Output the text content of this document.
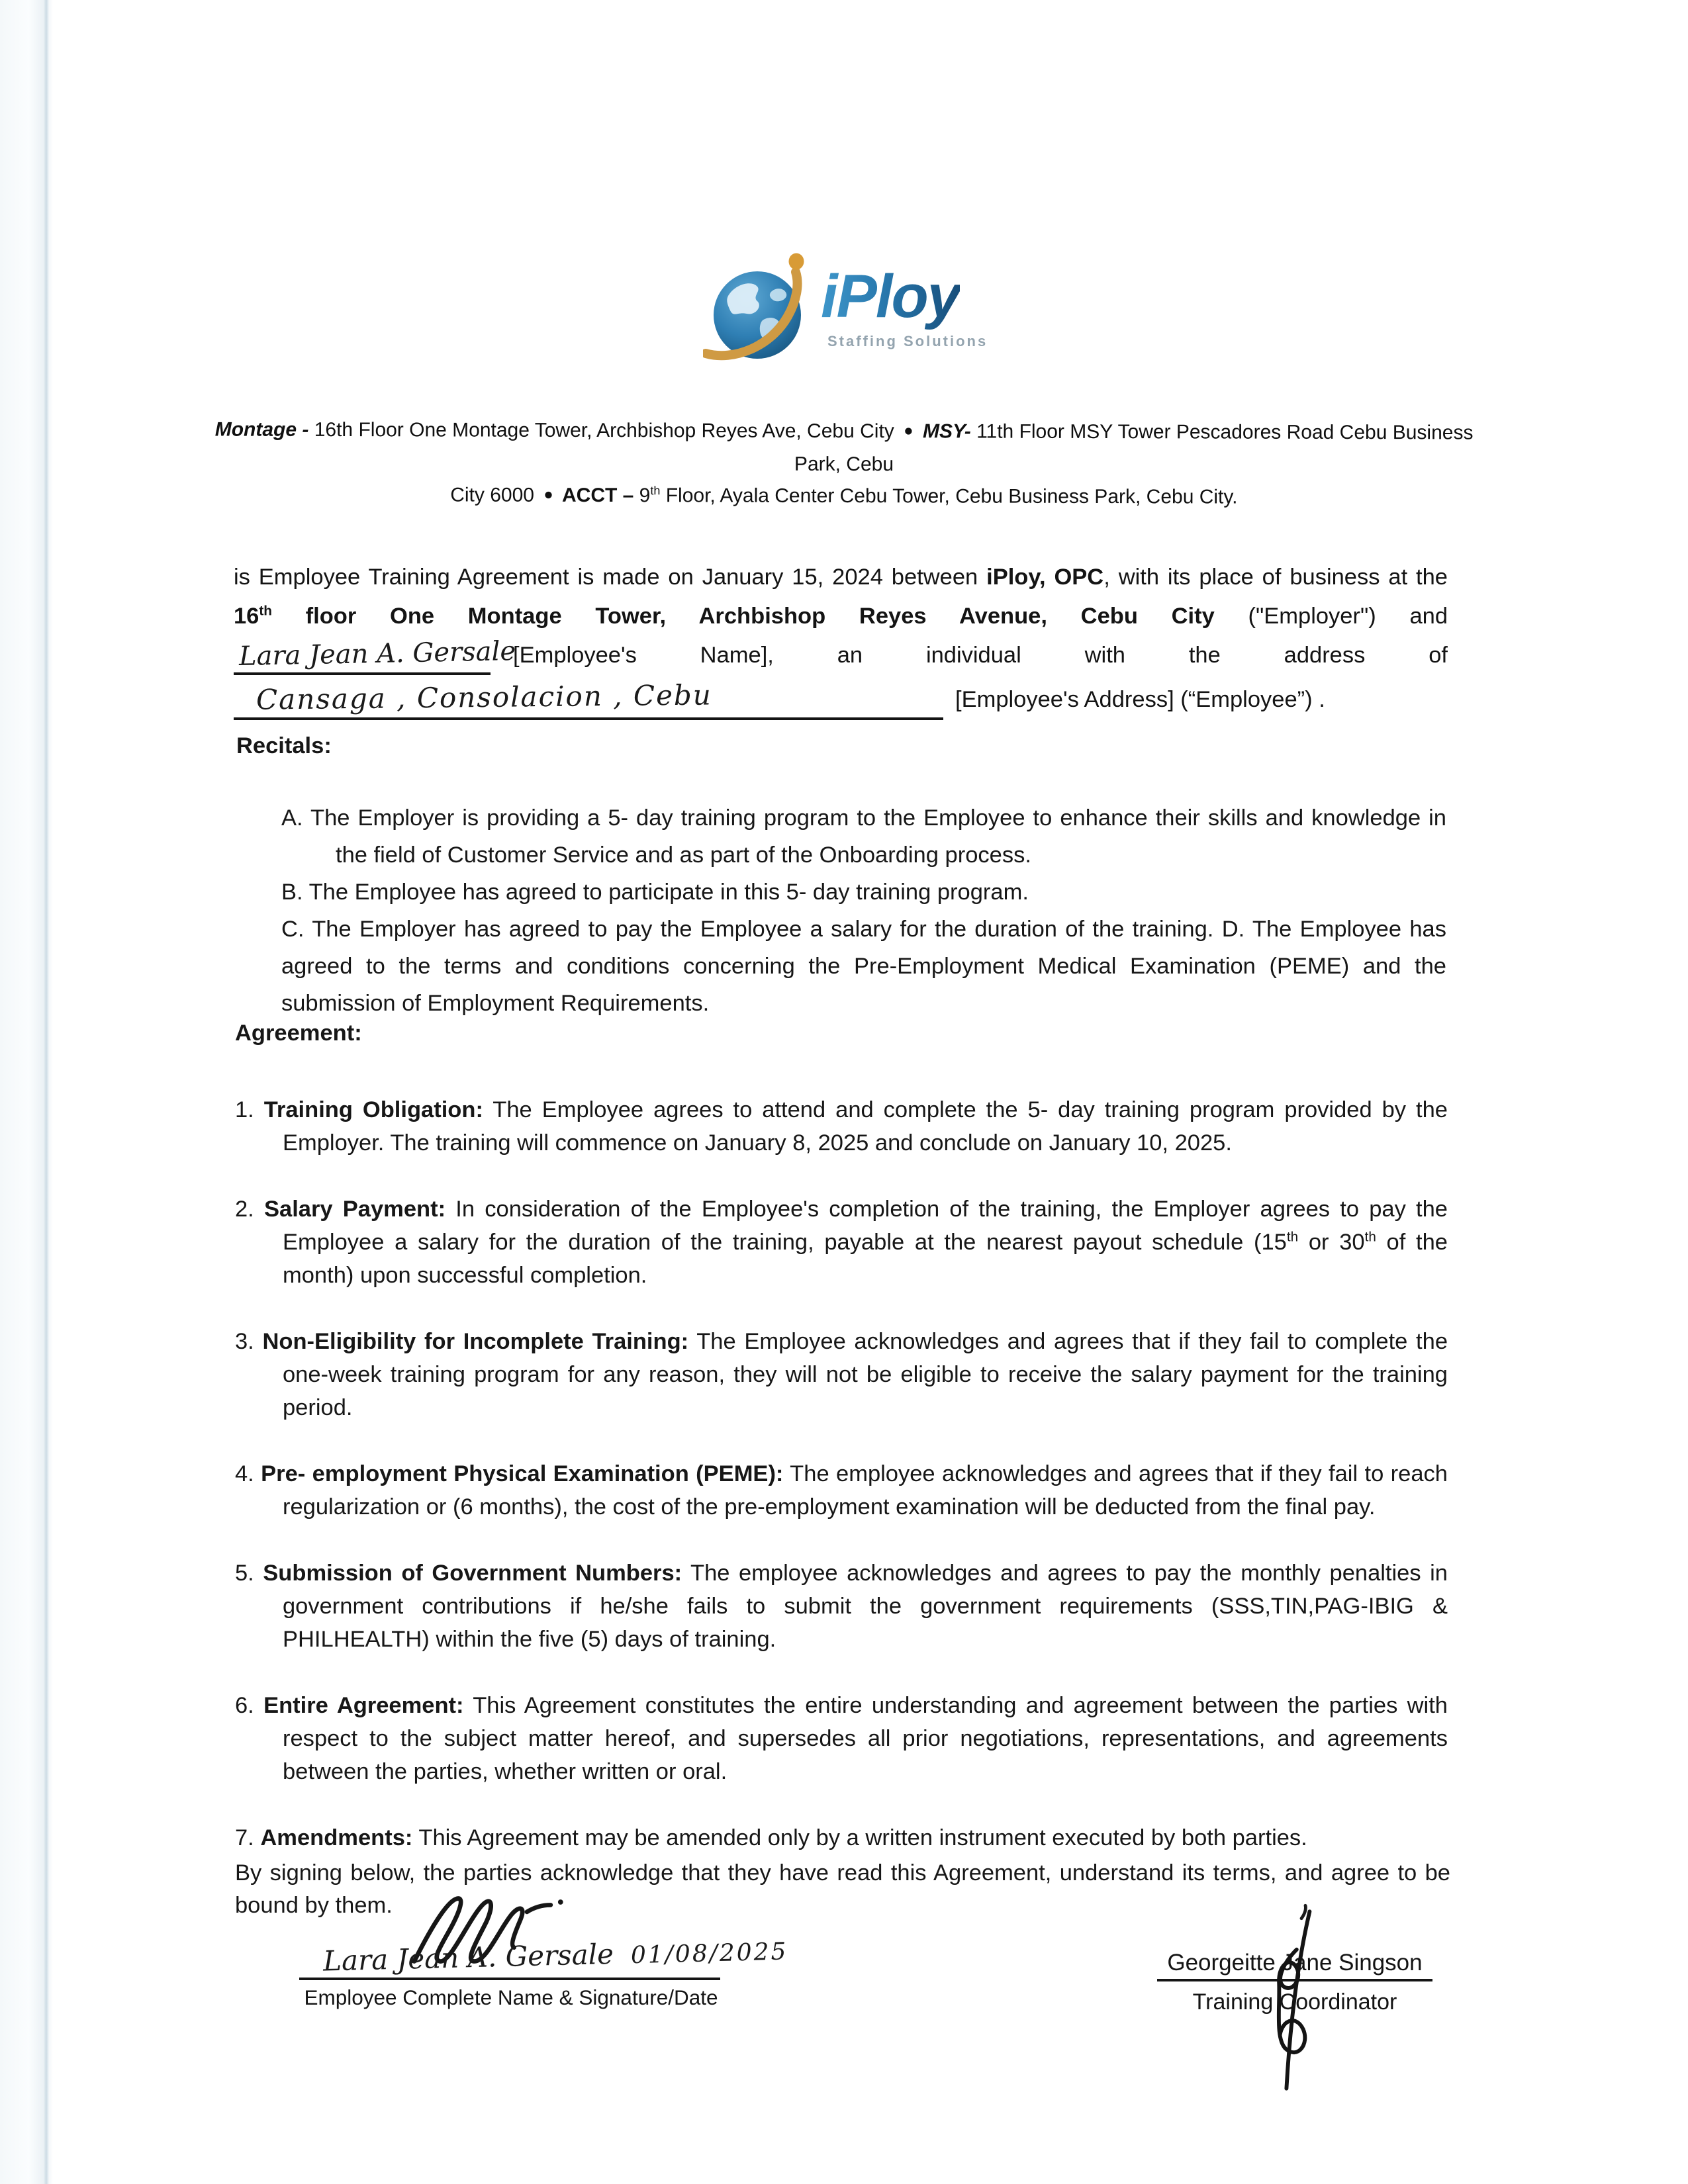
iPloy
Staffing Solutions
Montage - 16th Floor One Montage Tower, Archbishop Reyes Ave, Cebu City ● MSY- 11th Floor MSY Tower Pescadores Road Cebu Business Park, Cebu
City 6000 ● ACCT – 9th Floor, Ayala Center Cebu Tower, Cebu Business Park, Cebu City.
is Employee Training Agreement is made on January 15, 2024 between iPloy, OPC, with its place of business at the
16th floor One Montage Tower, Archbishop Reyes Avenue, Cebu City ("Employer") and
Lara Jean A. Gersale
[Employee's Name], an individual with the address of
Cansaga , Consolacion , Cebu	[Employee's Address] (“Employee”) .
Recitals:

A. The Employer is providing a 5- day training program to the Employee to enhance their skills and knowledge in the field of Customer Service and as part of the Onboarding process.

B. The Employee has agreed to participate in this 5- day training program.

C. The Employer has agreed to pay the Employee a salary for the duration of the training. D. The Employee has agreed to the terms and conditions concerning the Pre-Employment Medical Examination (PEME) and the submission of Employment Requirements.

Agreement:

1. Training Obligation: The Employee agrees to attend and complete the 5- day training program provided by the Employer. The training will commence on January 8, 2025 and conclude on January 10, 2025.

2. Salary Payment: In consideration of the Employee's completion of the training, the Employer agrees to pay the Employee a salary for the duration of the training, payable at the nearest payout schedule (15th or 30th of the month) upon successful completion.

3. Non-Eligibility for Incomplete Training: The Employee acknowledges and agrees that if they fail to complete the one-week training program for any reason, they will not be eligible to receive the salary payment for the training period.

4. Pre- employment Physical Examination (PEME): The employee acknowledges and agrees that if they fail to reach regularization or (6 months), the cost of the pre-employment examination will be deducted from the final pay.

5. Submission of Government Numbers: The employee acknowledges and agrees to pay the monthly penalties in government contributions if he/she fails to submit the government requirements (SSS,TIN,PAG-IBIG & PHILHEALTH) within the five (5) days of training.

6. Entire Agreement: This Agreement constitutes the entire understanding and agreement between the parties with respect to the subject matter hereof, and supersedes all prior negotiations, representations, and agreements between the parties, whether written or oral.

7. Amendments: This Agreement may be amended only by a written instrument executed by both parties.

By signing below, the parties acknowledge that they have read this Agreement, understand its terms, and agree to be bound by them.
Lara Jean A. Gersale 01/08/2025
Employee Complete Name & Signature/Date
Georgeitte Jane Singson
Training Coordinator
